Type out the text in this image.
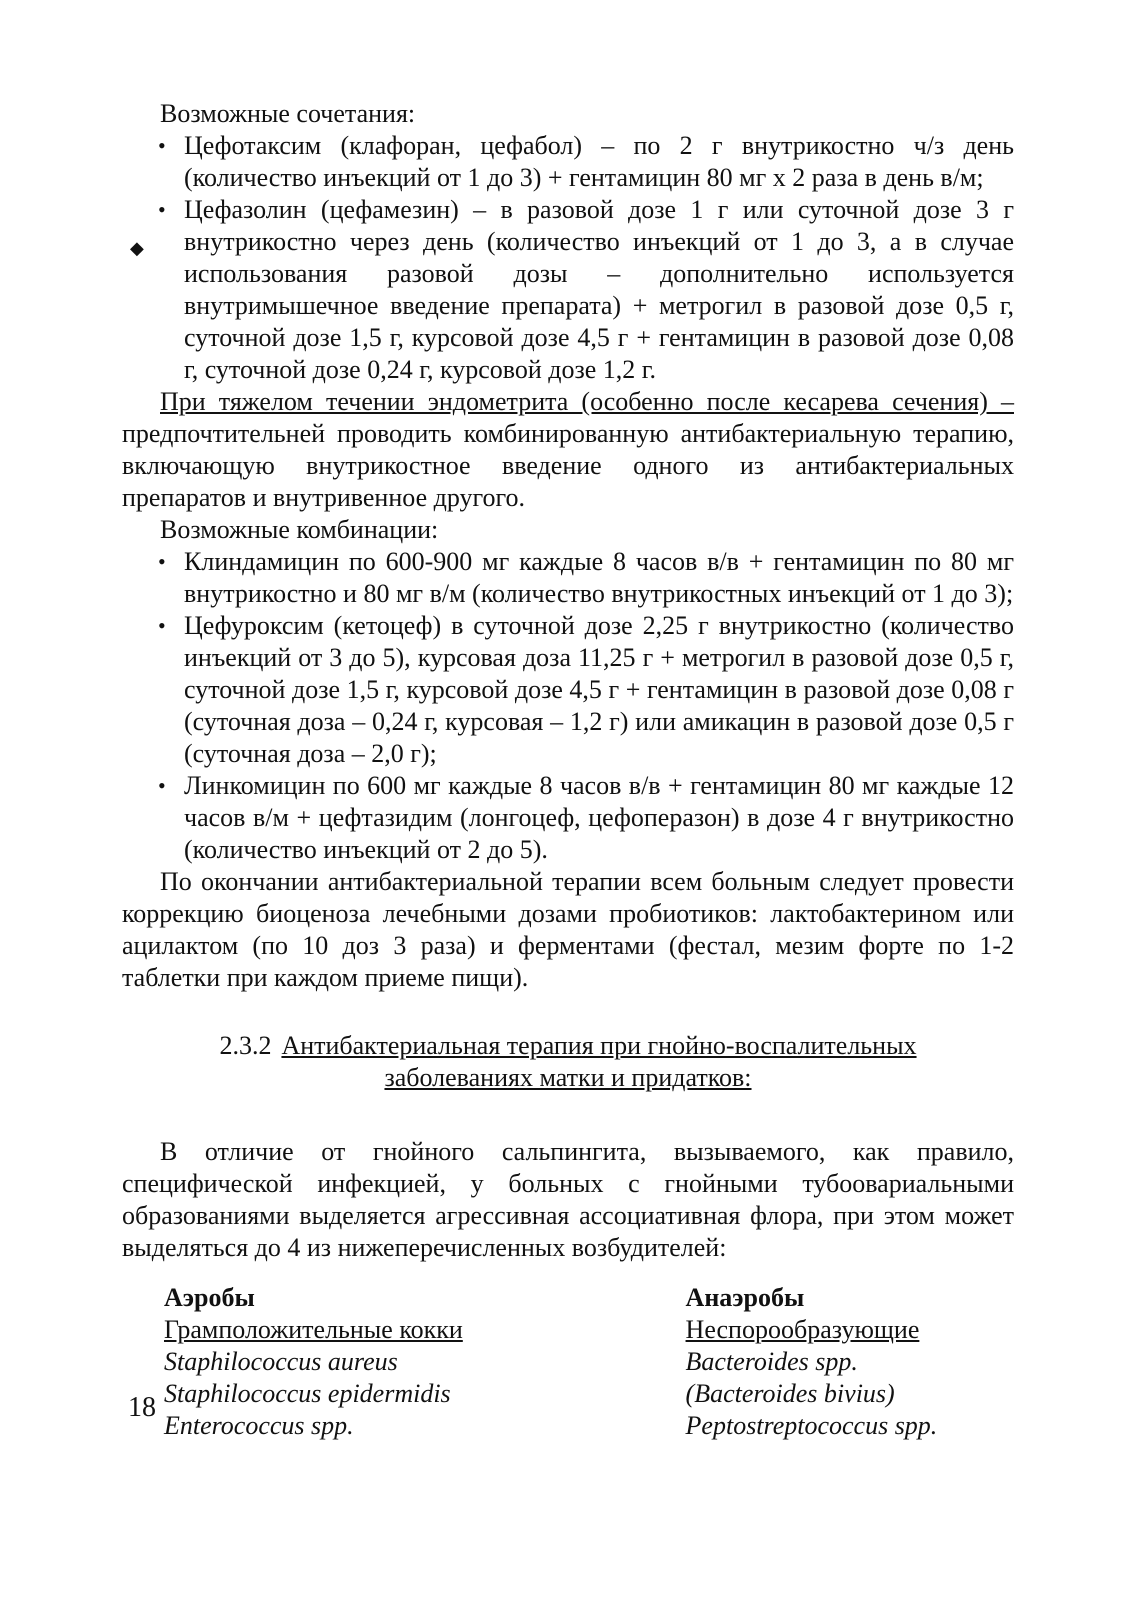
◆

Возможные сочетания:

• Цефотаксим (клафоран, цефабол) – по 2 г внутрикостно ч/з день (количество инъекций от 1 до 3) + гентамицин 80 мг х 2 раза в день в/м;
• Цефазолин (цефамезин) – в разовой дозе 1 г или суточной дозе 3 г внутрикостно через день (количество инъекций от 1 до 3, а в случае использования разовой дозы – дополнительно используется внутримышечное введение препарата) + метрогил в разовой дозе 0,5 г, суточной дозе 1,5 г, курсовой дозе 4,5 г + гентамицин в разовой дозе 0,08 г, суточной дозе 0,24 г, курсовой дозе 1,2 г.

При тяжелом течении эндометрита (особенно после кесарева сечения) – предпочтительней проводить комбинированную антибактериальную терапию, включающую внутрикостное введение одного из антибактериальных препаратов и внутривенное другого.

Возможные комбинации:

• Клиндамицин по 600-900 мг каждые 8 часов в/в + гентамицин по 80 мг внутрикостно и 80 мг в/м (количество внутрикостных инъекций от 1 до 3);
• Цефуроксим (кетоцеф) в суточной дозе 2,25 г внутрикостно (количество инъекций от 3 до 5), курсовая доза 11,25 г + метрогил в разовой дозе 0,5 г, суточной дозе 1,5 г, курсовой дозе 4,5 г + гентамицин в разовой дозе 0,08 г (суточная доза – 0,24 г, курсовая – 1,2 г) или амикацин в разовой дозе 0,5 г (суточная доза – 2,0 г);
• Линкомицин по 600 мг каждые 8 часов в/в + гентамицин 80 мг каждые 12 часов в/м + цефтазидим (лонгоцеф, цефоперазон) в дозе 4 г внутрикостно (количество инъекций от 2 до 5).

По окончании антибактериальной терапии всем больным следует провести коррекцию биоценоза лечебными дозами пробиотиков: лактобактерином или ацилактом (по 10 доз 3 раза) и ферментами (фестал, мезим форте по 1-2 таблетки при каждом приеме пищи).

2.3.2 Антибактериальная терапия при гнойно-воспалительных
заболеваниях матки и придатков:

В отличие от гнойного сальпингита, вызываемого, как правило, специфической инфекцией, у больных с гнойными тубоовариальными образованиями выделяется агрессивная ассоциативная флора, при этом может выделяться до 4 из нижеперечисленных возбудителей:

Аэробы
Грамположительные кокки
Staphilococcus aureus
Staphilococcus epidermidis
Enterococcus spp.
Анаэробы
Неспорообразующие
Bacteroides spp.
(Bacteroides bivius)
Peptostreptococcus spp.
18
